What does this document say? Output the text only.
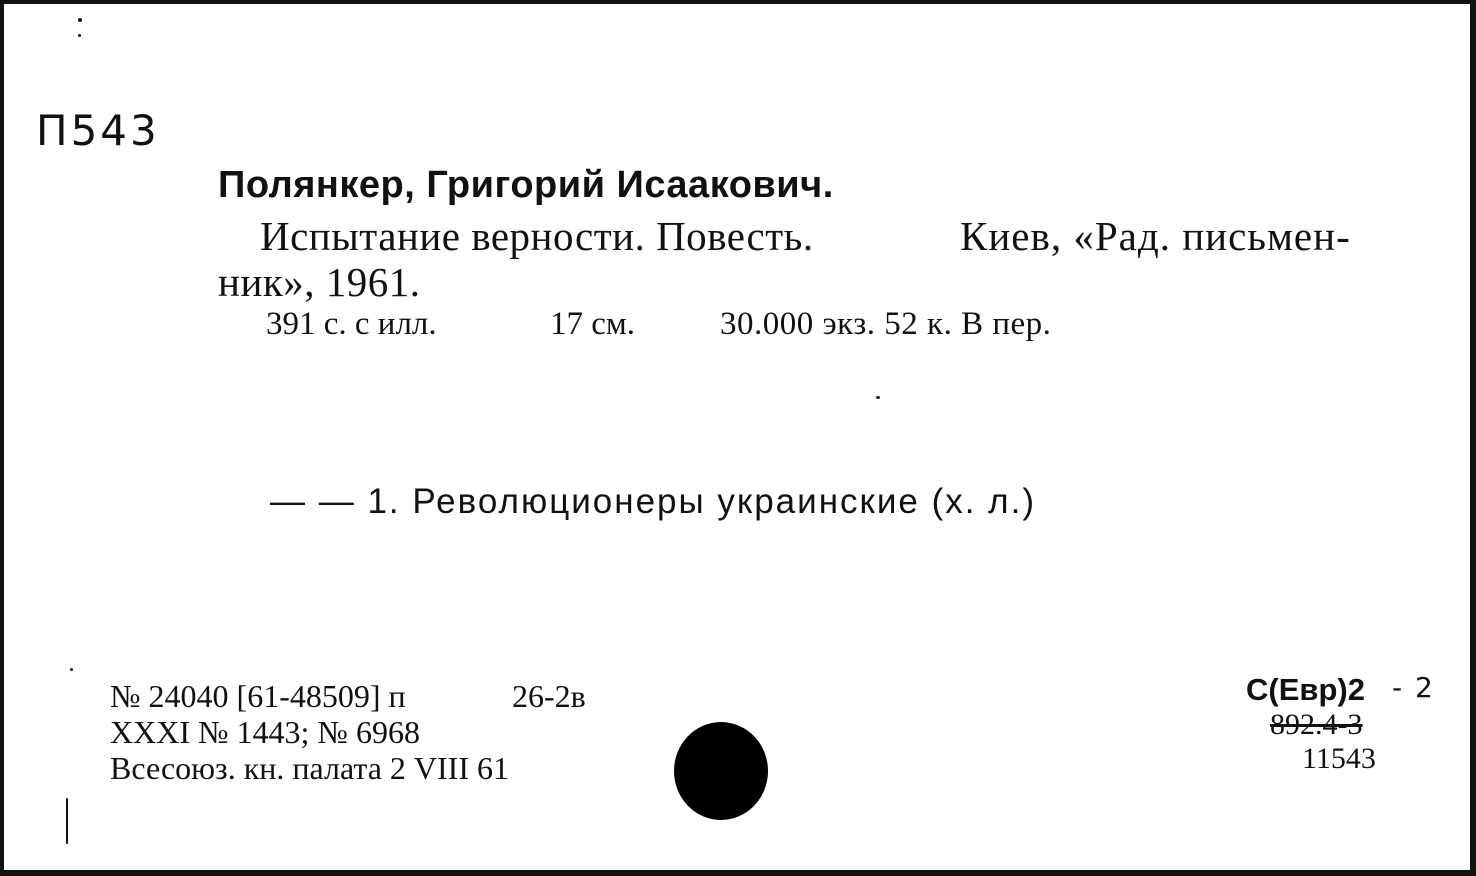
П543
Полянкер, Григорий Исаакович.
Испытание верности. Повесть.	Киев, «Рад. письмен-
ник», 1961.
391 с. с илл.	17 см.	30.000 экз. 52 к. В пер.
— — 1. Революционеры украинские (х. л.)
№ 24040 [61-48509] п	26-2в
XXXI № 1443; № 6968
Всесоюз. кн. палата 2 VIII 61
С(Евр)2 - 2
892.4-3
11543
